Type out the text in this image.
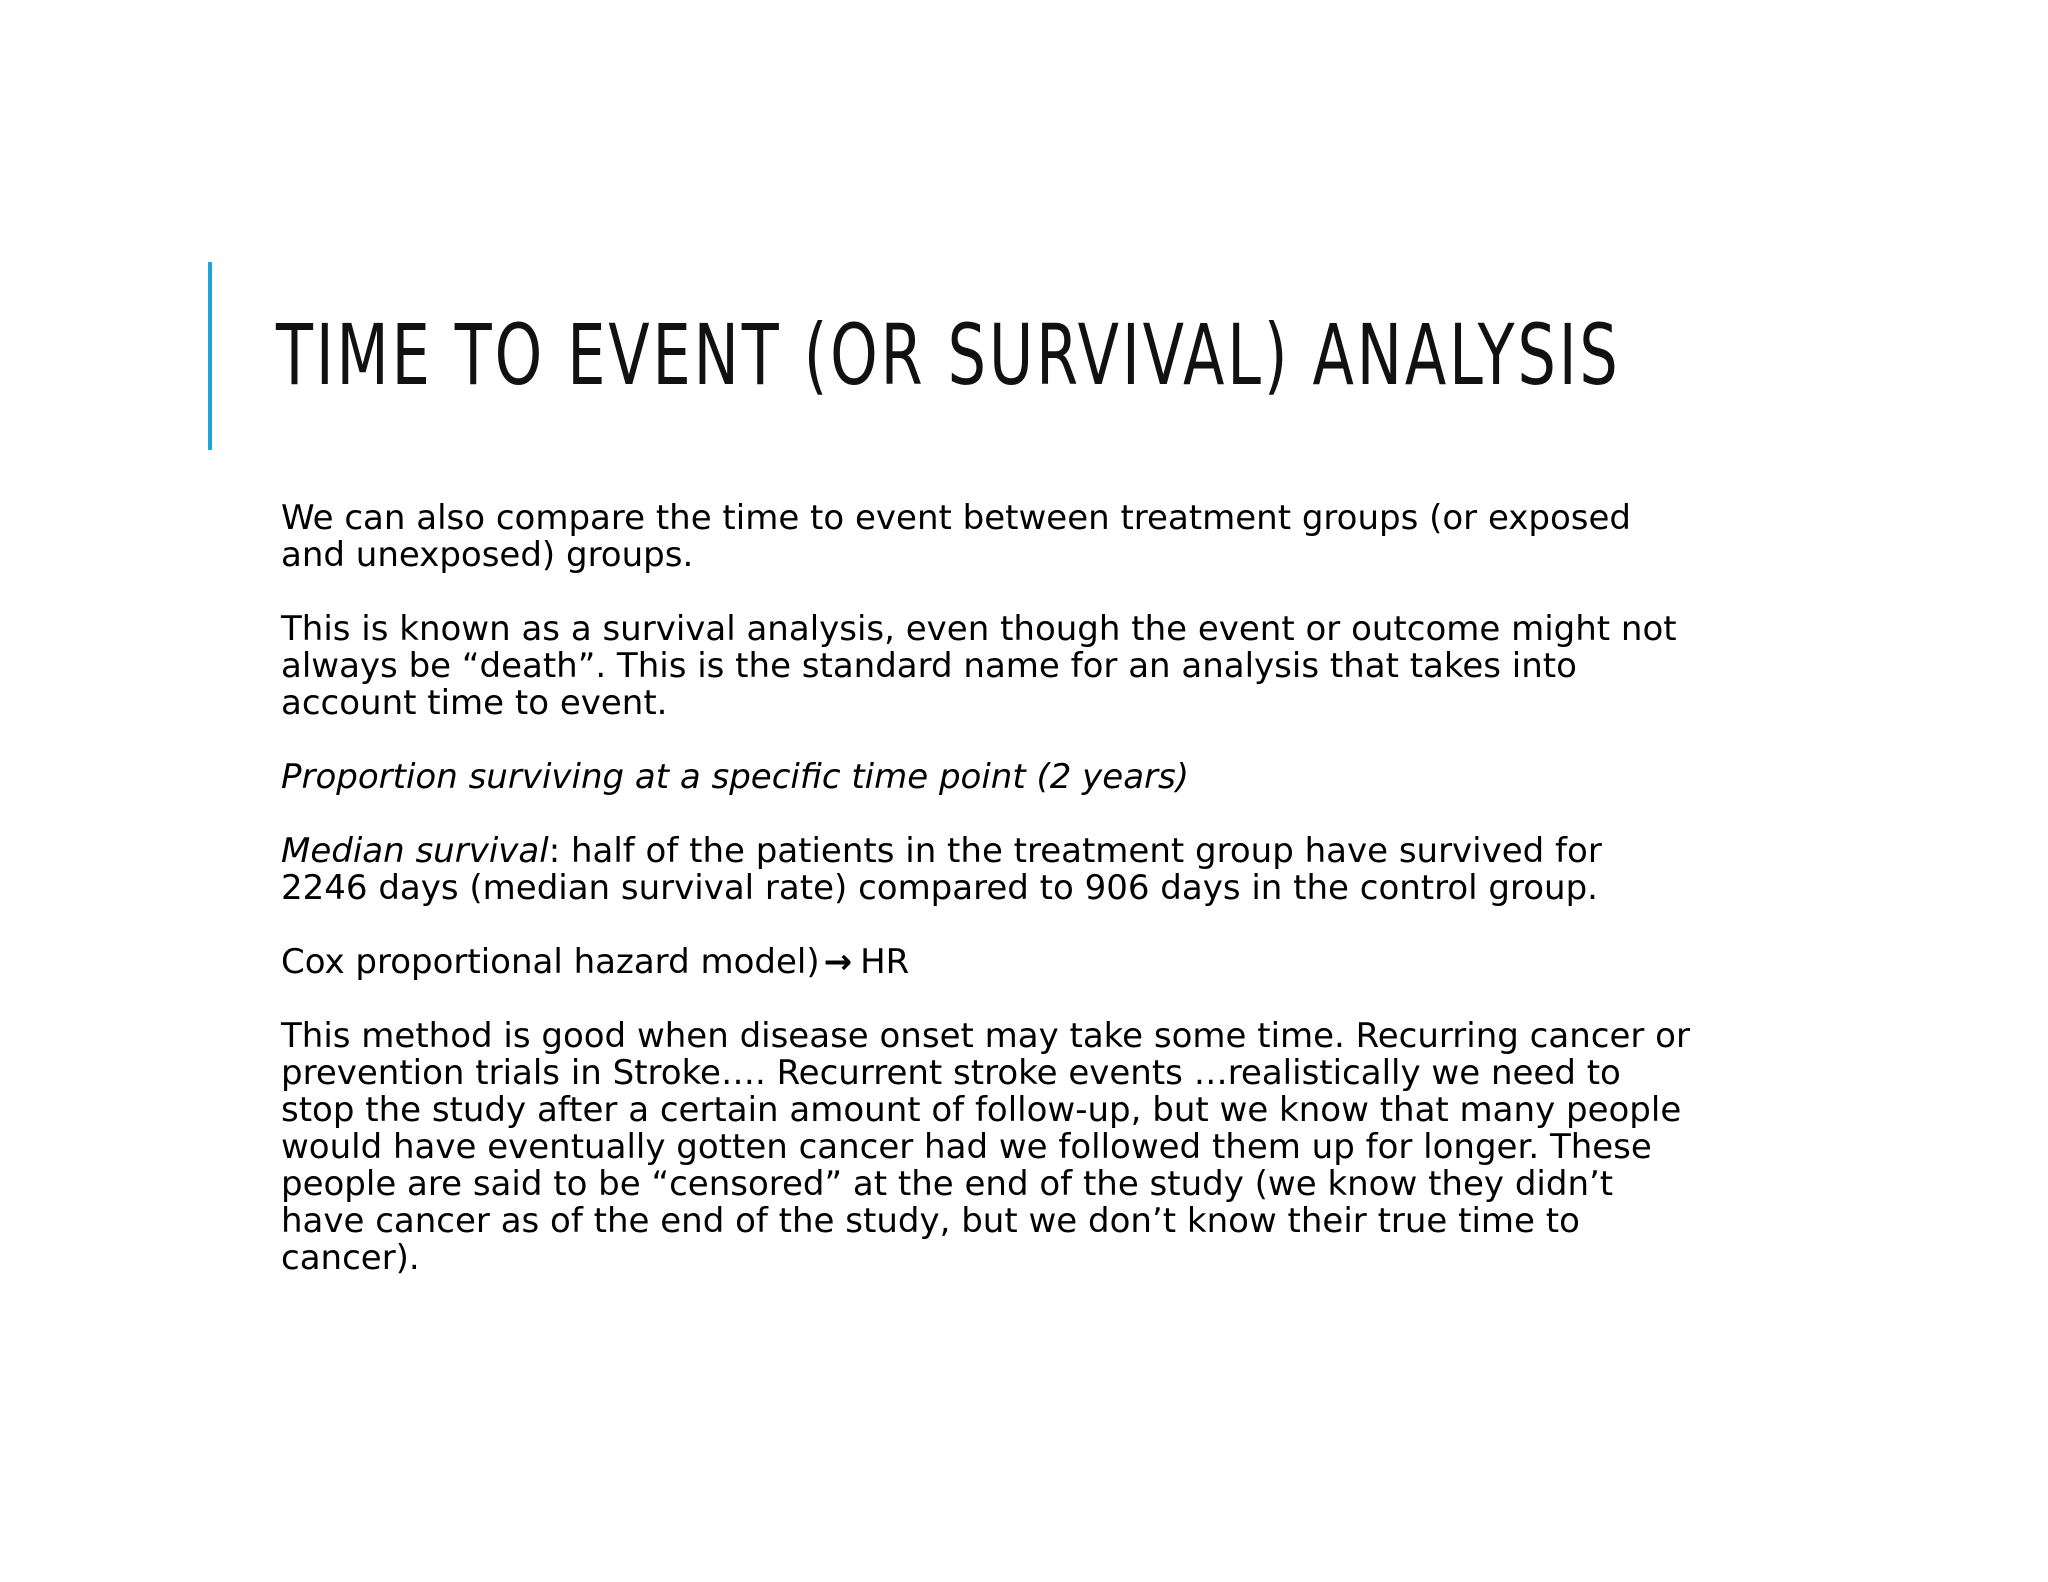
TIME TO EVENT (OR SURVIVAL) ANALYSIS

We can also compare the time to event between treatment groups (or exposed
and unexposed) groups.

This is known as a survival analysis, even though the event or outcome might not
always be “death”. This is the standard name for an analysis that takes into
account time to event.

Proportion surviving at a specific time point (2 years)

Median survival: half of the patients in the treatment group have survived for
2246 days (median survival rate) compared to 906 days in the control group.

Cox proportional hazard model) → HR

This method is good when disease onset may take some time. Recurring cancer or
prevention trials in Stroke…. Recurrent stroke events …realistically we need to
stop the study after a certain amount of follow-up, but we know that many people
would have eventually gotten cancer had we followed them up for longer. These
people are said to be “censored” at the end of the study (we know they didn’t
have cancer as of the end of the study, but we don’t know their true time to
cancer).
